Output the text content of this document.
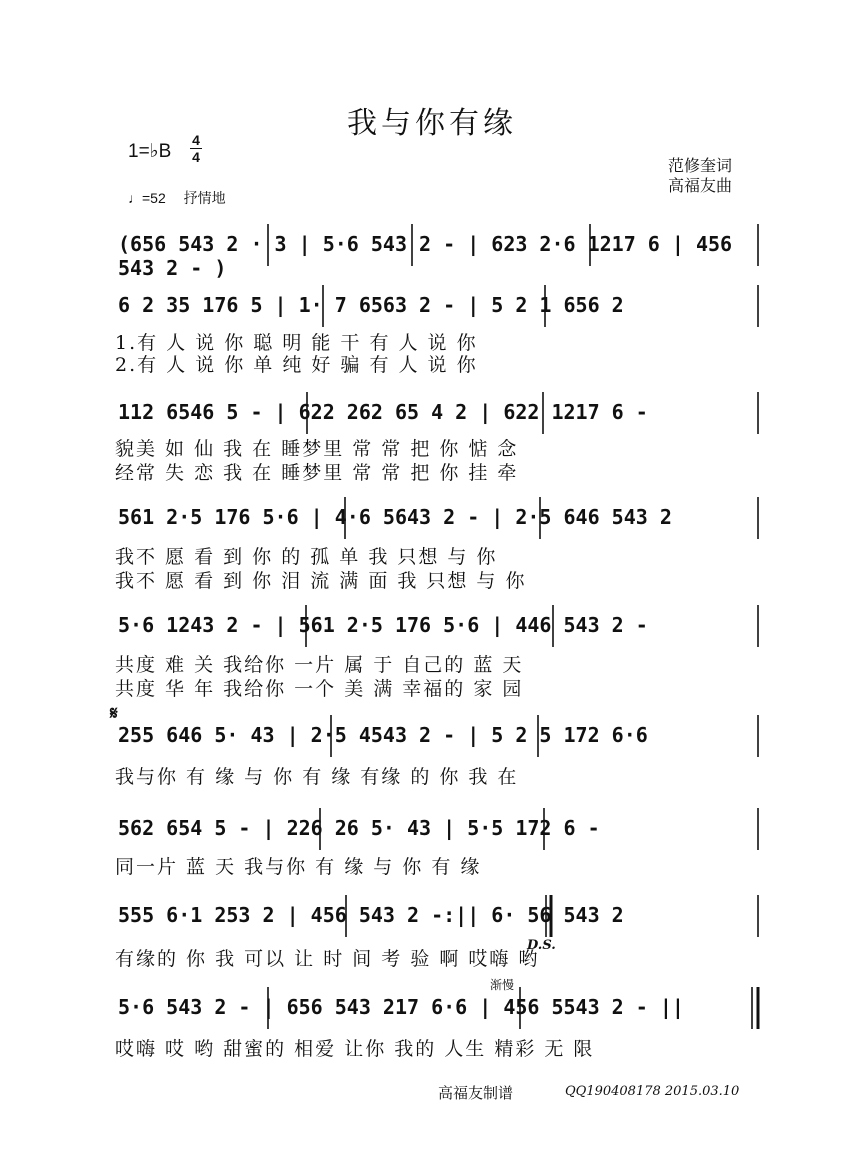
我与你有缘
1=♭B
4
4
♩=52 抒情地
范修奎词
高福友曲
𝄋
D.S.
渐慢
(656 543 2 · 3 | 5·6 543 2 - | 623 2·6 1217 6 | 456 543 2 - )
6 2 35 176 5 | 1· 7 6563 2 - | 5 2 1 656 2
112 6546 5 - | 622 262 65 4 2 | 622 1217 6 -
561 2·5 176 5·6 | 4·6 5643 2 - | 2·5 646 543 2
5·6 1243 2 - | 561 2·5 176 5·6 | 446 543 2 -
255 646 5· 43 | 2·5 4543 2 - | 5 2 5 172 6·6
562 654 5 - | 226 26 5· 43 | 5·5 172 6 -
555 6·1 253 2 | 456 543 2 -:|| 6· 56 543 2
5·6 543 2 - | 656 543 217 6·6 | 456 5543 2 - ||
1.有 人 说 你 聪 明 能 干 有 人 说 你
2.有 人 说 你 单 纯 好 骗 有 人 说 你
貌美 如 仙 我 在 睡梦里 常 常 把 你 惦 念
经常 失 恋 我 在 睡梦里 常 常 把 你 挂 牵
我不 愿 看 到 你 的 孤 单 我 只想 与 你
我不 愿 看 到 你 泪 流 满 面 我 只想 与 你
共度 难 关 我给你 一片 属 于 自己的 蓝 天
共度 华 年 我给你 一个 美 满 幸福的 家 园
我与你 有 缘 与 你 有 缘 有缘 的 你 我 在
同一片 蓝 天 我与你 有 缘 与 你 有 缘
有缘的 你 我 可以 让 时 间 考 验 啊 哎嗨 哟
哎嗨 哎 哟 甜蜜的 相爱 让你 我的 人生 精彩 无 限
高福友制谱	QQ190408178 2015.03.10
